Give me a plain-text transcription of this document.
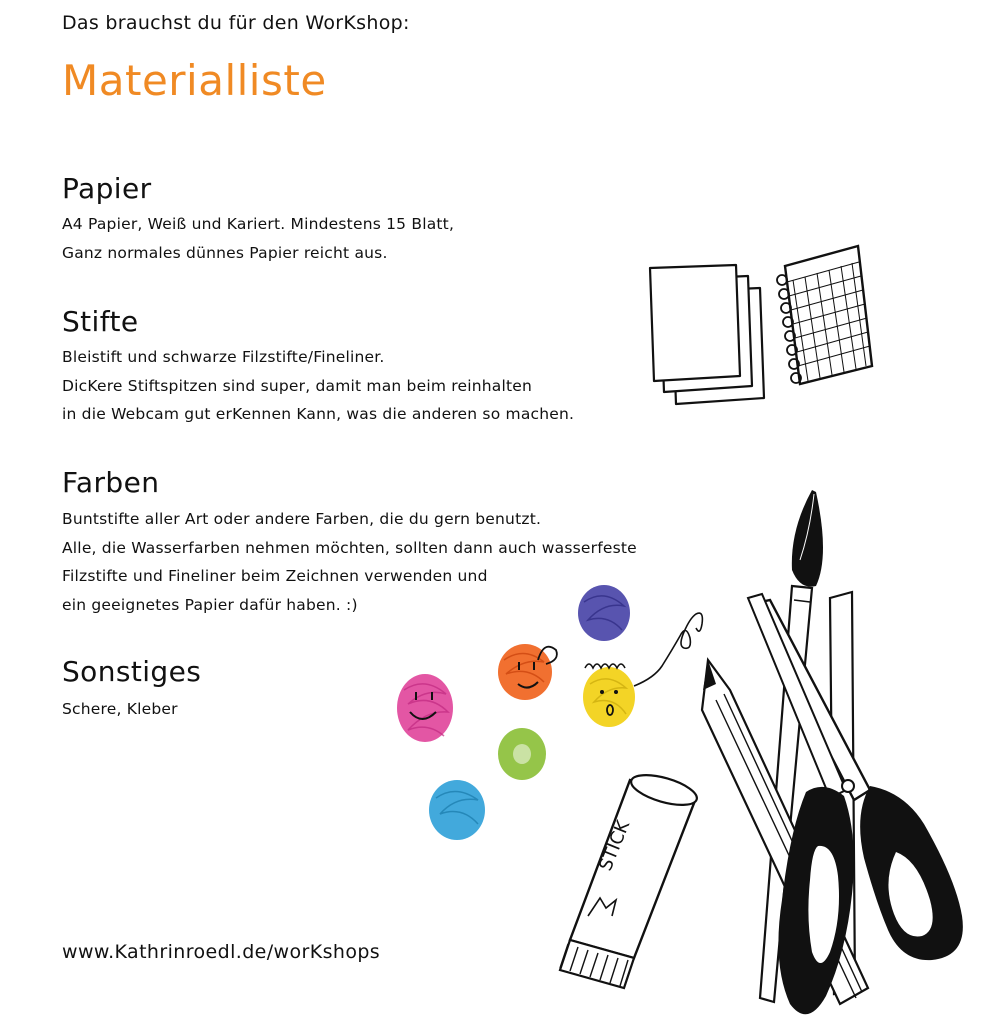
Das brauchst du für den WorKshop:
Materialliste
Papier
A4 Papier, Weiß und Kariert. Mindestens 15 Blatt,
Ganz normales dünnes Papier reicht aus.
Stifte
Bleistift und schwarze Filzstifte/Fineliner.
DicKere Stiftspitzen sind super, damit man beim reinhalten
in die Webcam gut erKennen Kann, was die anderen so machen.
Farben
Buntstifte aller Art oder andere Farben, die du gern benutzt.
Alle, die Wasserfarben nehmen möchten, sollten dann auch wasserfeste
Filzstifte und Fineliner beim Zeichnen verwenden und
ein geeignetes Papier dafür haben. :)
Sonstiges
Schere, Kleber
www.Kathrinroedl.de/worKshops
STICK
